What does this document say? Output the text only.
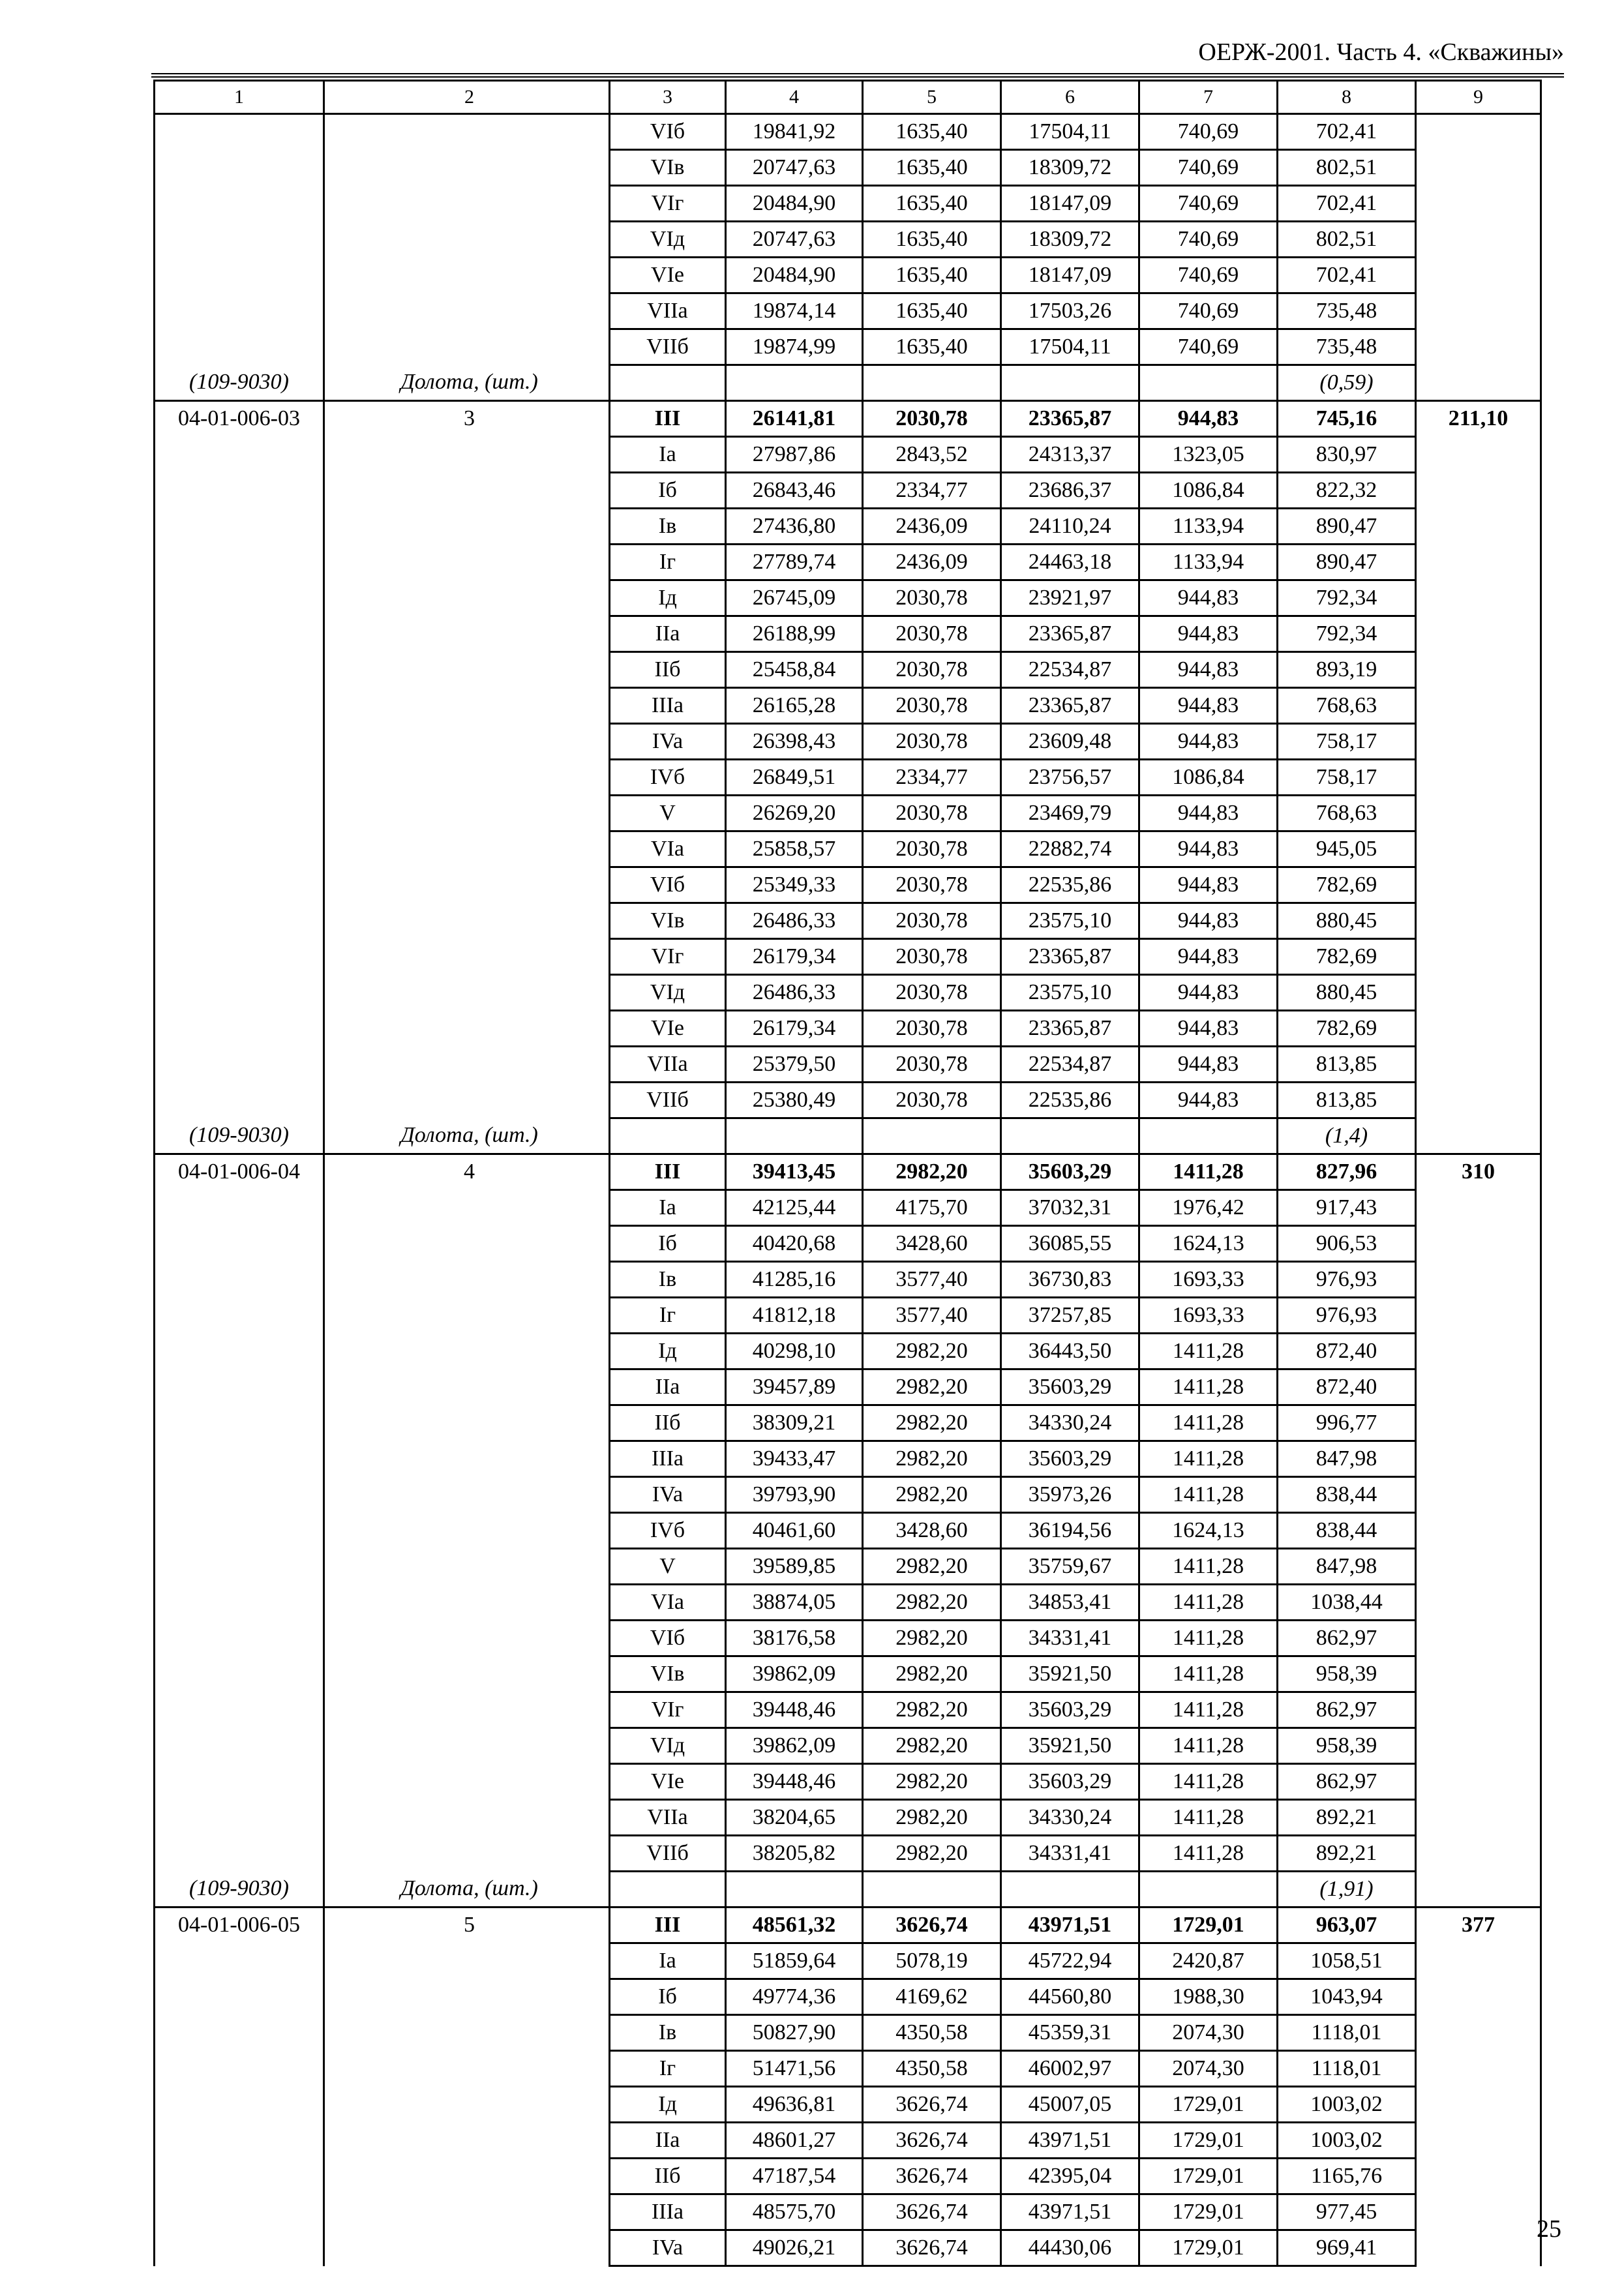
ОЕРЖ-2001. Часть 4. «Скважины»
1	2	3	4	5	6	7	8	9
		VIб	19841,92	1635,40	17504,11	740,69	702,41	
		VIв	20747,63	1635,40	18309,72	740,69	802,51	
		VIг	20484,90	1635,40	18147,09	740,69	702,41	
		VIд	20747,63	1635,40	18309,72	740,69	802,51	
		VIe	20484,90	1635,40	18147,09	740,69	702,41	
		VIIa	19874,14	1635,40	17503,26	740,69	735,48	
		VIIб	19874,99	1635,40	17504,11	740,69	735,48	
(109-9030)	Долота, (шт.)						(0,59)	
04-01-006-03	3	III	26141,81	2030,78	23365,87	944,83	745,16	211,10
		Ia	27987,86	2843,52	24313,37	1323,05	830,97	
		Iб	26843,46	2334,77	23686,37	1086,84	822,32	
		Iв	27436,80	2436,09	24110,24	1133,94	890,47	
		Iг	27789,74	2436,09	24463,18	1133,94	890,47	
		Iд	26745,09	2030,78	23921,97	944,83	792,34	
		IIa	26188,99	2030,78	23365,87	944,83	792,34	
		IIб	25458,84	2030,78	22534,87	944,83	893,19	
		IIIa	26165,28	2030,78	23365,87	944,83	768,63	
		IVa	26398,43	2030,78	23609,48	944,83	758,17	
		IVб	26849,51	2334,77	23756,57	1086,84	758,17	
		V	26269,20	2030,78	23469,79	944,83	768,63	
		VIa	25858,57	2030,78	22882,74	944,83	945,05	
		VIб	25349,33	2030,78	22535,86	944,83	782,69	
		VIв	26486,33	2030,78	23575,10	944,83	880,45	
		VIг	26179,34	2030,78	23365,87	944,83	782,69	
		VIд	26486,33	2030,78	23575,10	944,83	880,45	
		VIe	26179,34	2030,78	23365,87	944,83	782,69	
		VIIa	25379,50	2030,78	22534,87	944,83	813,85	
		VIIб	25380,49	2030,78	22535,86	944,83	813,85	
(109-9030)	Долота, (шт.)						(1,4)	
04-01-006-04	4	III	39413,45	2982,20	35603,29	1411,28	827,96	310
		Ia	42125,44	4175,70	37032,31	1976,42	917,43	
		Iб	40420,68	3428,60	36085,55	1624,13	906,53	
		Iв	41285,16	3577,40	36730,83	1693,33	976,93	
		Iг	41812,18	3577,40	37257,85	1693,33	976,93	
		Iд	40298,10	2982,20	36443,50	1411,28	872,40	
		IIa	39457,89	2982,20	35603,29	1411,28	872,40	
		IIб	38309,21	2982,20	34330,24	1411,28	996,77	
		IIIa	39433,47	2982,20	35603,29	1411,28	847,98	
		IVa	39793,90	2982,20	35973,26	1411,28	838,44	
		IVб	40461,60	3428,60	36194,56	1624,13	838,44	
		V	39589,85	2982,20	35759,67	1411,28	847,98	
		VIa	38874,05	2982,20	34853,41	1411,28	1038,44	
		VIб	38176,58	2982,20	34331,41	1411,28	862,97	
		VIв	39862,09	2982,20	35921,50	1411,28	958,39	
		VIг	39448,46	2982,20	35603,29	1411,28	862,97	
		VIд	39862,09	2982,20	35921,50	1411,28	958,39	
		VIe	39448,46	2982,20	35603,29	1411,28	862,97	
		VIIa	38204,65	2982,20	34330,24	1411,28	892,21	
		VIIб	38205,82	2982,20	34331,41	1411,28	892,21	
(109-9030)	Долота, (шт.)						(1,91)	
04-01-006-05	5	III	48561,32	3626,74	43971,51	1729,01	963,07	377
		Ia	51859,64	5078,19	45722,94	2420,87	1058,51	
		Iб	49774,36	4169,62	44560,80	1988,30	1043,94	
		Iв	50827,90	4350,58	45359,31	2074,30	1118,01	
		Iг	51471,56	4350,58	46002,97	2074,30	1118,01	
		Iд	49636,81	3626,74	45007,05	1729,01	1003,02	
		IIa	48601,27	3626,74	43971,51	1729,01	1003,02	
		IIб	47187,54	3626,74	42395,04	1729,01	1165,76	
		IIIa	48575,70	3626,74	43971,51	1729,01	977,45	
		IVa	49026,21	3626,74	44430,06	1729,01	969,41	
25
